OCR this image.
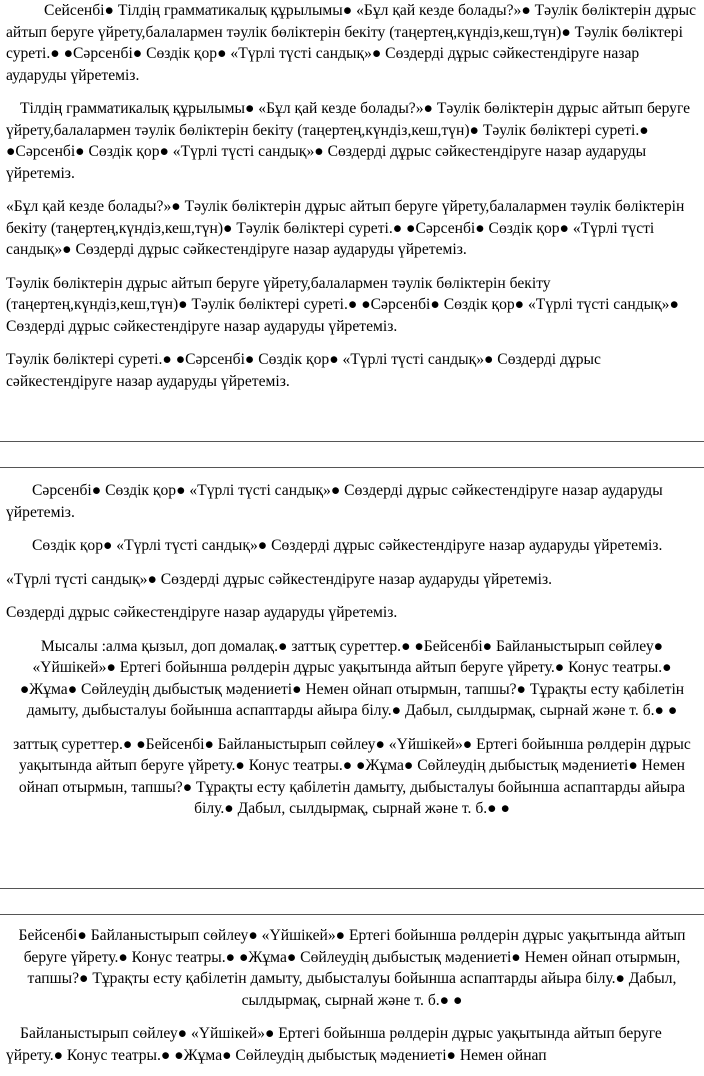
Сейсенбі● Тілдің грамматикалық құрылымы● «Бұл қай кезде болады?»● Тәулік бөліктерін дұрыс айтып беруге үйрету,балалармен тәулік бөліктерін бекіту (таңертең,күндіз,кеш,түн)● Тәулік бөліктері суреті.● ●Сәрсенбі● Сөздік қор● «Түрлі түсті сандық»● Сөздерді дұрыс сәйкестендіруге назар аударуды үйретеміз.

Тілдің грамматикалық құрылымы● «Бұл қай кезде болады?»● Тәулік бөліктерін дұрыс айтып беруге үйрету,балалармен тәулік бөліктерін бекіту (таңертең,күндіз,кеш,түн)● Тәулік бөліктері суреті.● ●Сәрсенбі● Сөздік қор● «Түрлі түсті сандық»● Сөздерді дұрыс сәйкестендіруге назар аударуды үйретеміз.

«Бұл қай кезде болады?»● Тәулік бөліктерін дұрыс айтып беруге үйрету,балалармен тәулік бөліктерін бекіту (таңертең,күндіз,кеш,түн)● Тәулік бөліктері суреті.● ●Сәрсенбі● Сөздік қор● «Түрлі түсті сандық»● Сөздерді дұрыс сәйкестендіруге назар аударуды үйретеміз.

Тәулік бөліктерін дұрыс айтып беруге үйрету,балалармен тәулік бөліктерін бекіту (таңертең,күндіз,кеш,түн)● Тәулік бөліктері суреті.● ●Сәрсенбі● Сөздік қор● «Түрлі түсті сандық»● Сөздерді дұрыс сәйкестендіруге назар аударуды үйретеміз.

Тәулік бөліктері суреті.● ●Сәрсенбі● Сөздік қор● «Түрлі түсті сандық»● Сөздерді дұрыс сәйкестендіруге назар аударуды үйретеміз.

Сәрсенбі● Сөздік қор● «Түрлі түсті сандық»● Сөздерді дұрыс сәйкестендіруге назар аударуды үйретеміз.

Сөздік қор● «Түрлі түсті сандық»● Сөздерді дұрыс сәйкестендіруге назар аударуды үйретеміз.

«Түрлі түсті сандық»● Сөздерді дұрыс сәйкестендіруге назар аударуды үйретеміз.

Сөздерді дұрыс сәйкестендіруге назар аударуды үйретеміз.

Мысалы :алма қызыл, доп домалақ.● заттық суреттер.● ●Бейсенбі● Байланыстырып сөйлеу● «Үйшікей»● Ертегі бойынша рөлдерін дұрыс уақытында айтып беруге үйрету.● Конус театры.● ●Жұма● Сөйлеудің дыбыстық мәдениеті● Немен ойнап отырмын, тапшы?● Тұрақты есту қабілетін дамыту, дыбысталуы бойынша аспаптарды айыра білу.● Дабыл, сылдырмақ, сырнай және т. б.● ●

заттық суреттер.● ●Бейсенбі● Байланыстырып сөйлеу● «Үйшікей»● Ертегі бойынша рөлдерін дұрыс уақытында айтып беруге үйрету.● Конус театры.● ●Жұма● Сөйлеудің дыбыстық мәдениеті● Немен ойнап отырмын, тапшы?● Тұрақты есту қабілетін дамыту, дыбысталуы бойынша аспаптарды айыра білу.● Дабыл, сылдырмақ, сырнай және т. б.● ●

Бейсенбі● Байланыстырып сөйлеу● «Үйшікей»● Ертегі бойынша рөлдерін дұрыс уақытында айтып беруге үйрету.● Конус театры.● ●Жұма● Сөйлеудің дыбыстық мәдениеті● Немен ойнап отырмын, тапшы?● Тұрақты есту қабілетін дамыту, дыбысталуы бойынша аспаптарды айыра білу.● Дабыл, сылдырмақ, сырнай және т. б.● ●

Байланыстырып сөйлеу● «Үйшікей»● Ертегі бойынша рөлдерін дұрыс уақытында айтып беруге үйрету.● Конус театры.● ●Жұма● Сөйлеудің дыбыстық мәдениеті● Немен ойнап
